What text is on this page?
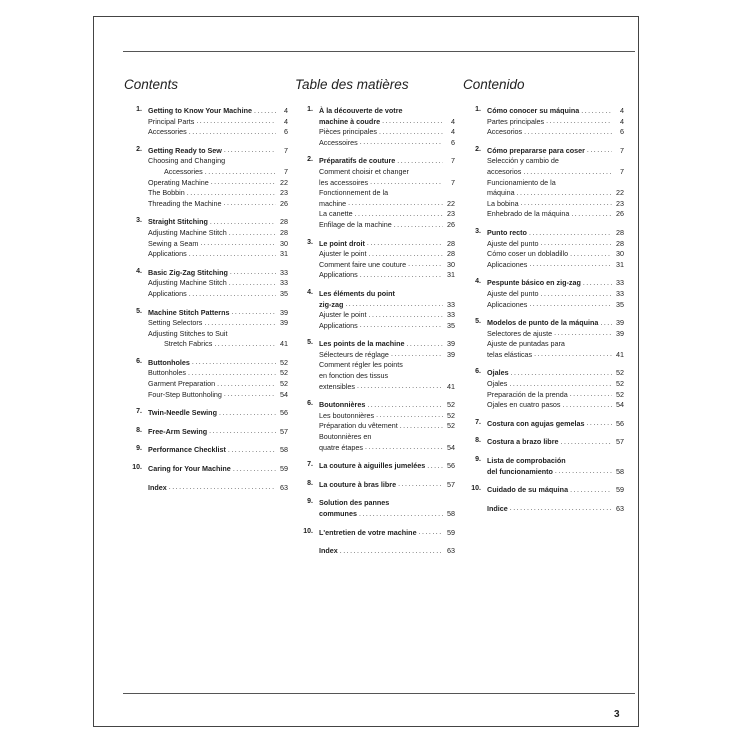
Contents
1. Getting to Know Your Machine .....	4
Principal Parts .....	4
Accessories .....	6
2. Getting Ready to Sew .....	7
Choosing and Changing
Accessories .....	7
Operating Machine .....	22
The Bobbin .....	23
Threading the Machine .....	26
3. Straight Stitching .....	28
Adjusting Machine Stitch .....	28
Sewing a Seam .....	30
Applications .....	31
4. Basic Zig-Zag Stitching .....	33
Adjusting Machine Stitch .....	33
Applications .....	35
5. Machine Stitch Patterns .....	39
Setting Selectors .....	39
Adjusting Stitches to Suit
Stretch Fabrics .....	41
6. Buttonholes .....	52
Buttonholes .....	52
Garment Preparation .....	52
Four-Step Buttonholing .....	54
7. Twin-Needle Sewing .....	56
8. Free-Arm Sewing .....	57
9. Performance Checklist .....	58
10. Caring for Your Machine .....	59
Index .....	63
Table des matières
1. À la découverte de votre
machine à coudre .....	4
Pièces principales .....	4
Accessoires .....	6
2. Préparatifs de couture .....	7
Comment choisir et changer
les accessoires .....	7
Fonctionnement de la
machine .....	22
La canette .....	23
Enfilage de la machine .....	26
3. Le point droit .....	28
Ajuster le point .....	28
Comment faire une couture .....	30
Applications .....	31
4. Les éléments du point
zig-zag .....	33
Ajuster le point .....	33
Applications .....	35
5. Les points de la machine .....	39
Sélecteurs de réglage .....	39
Comment régler les points
en fonction des tissus
extensibles .....	41
6. Boutonnières .....	52
Les boutonnières .....	52
Préparation du vêtement .....	52
Boutonnières en
quatre étapes .....	54
7. La couture à aiguilles jumelées .....	56
8. La couture à bras libre .....	57
9. Solution des pannes
communes .....	58
10. L'entretien de votre machine .....	59
Index .....	63
Contenido
1. Cómo conocer su máquina .....	4
Partes principales .....	4
Accesorios .....	6
2. Cómo prepararse para coser .....	7
Selección y cambio de
accesorios .....	7
Funcionamiento de la
máquina .....	22
La bobina .....	23
Enhebrado de la máquina .....	26
3. Punto recto .....	28
Ajuste del punto .....	28
Cómo coser un dobladillo .....	30
Aplicaciones .....	31
4. Pespunte básico en zig-zag .....	33
Ajuste del punto .....	33
Aplicaciones .....	35
5. Modelos de punto de la máquina ..... 39
Selectores de ajuste .....	39
Ajuste de puntadas para
telas elásticas .....	41
6. Ojales .....	52
Ojales .....	52
Preparación de la prenda .....	52
Ojales en cuatro pasos .....	54
7. Costura con agujas gemelas .....	56
8. Costura a brazo libre .....	57
9. Lista de comprobación
del funcionamiento .....	58
10. Cuidado de su máquina .....	59
Indice .....	63
3
